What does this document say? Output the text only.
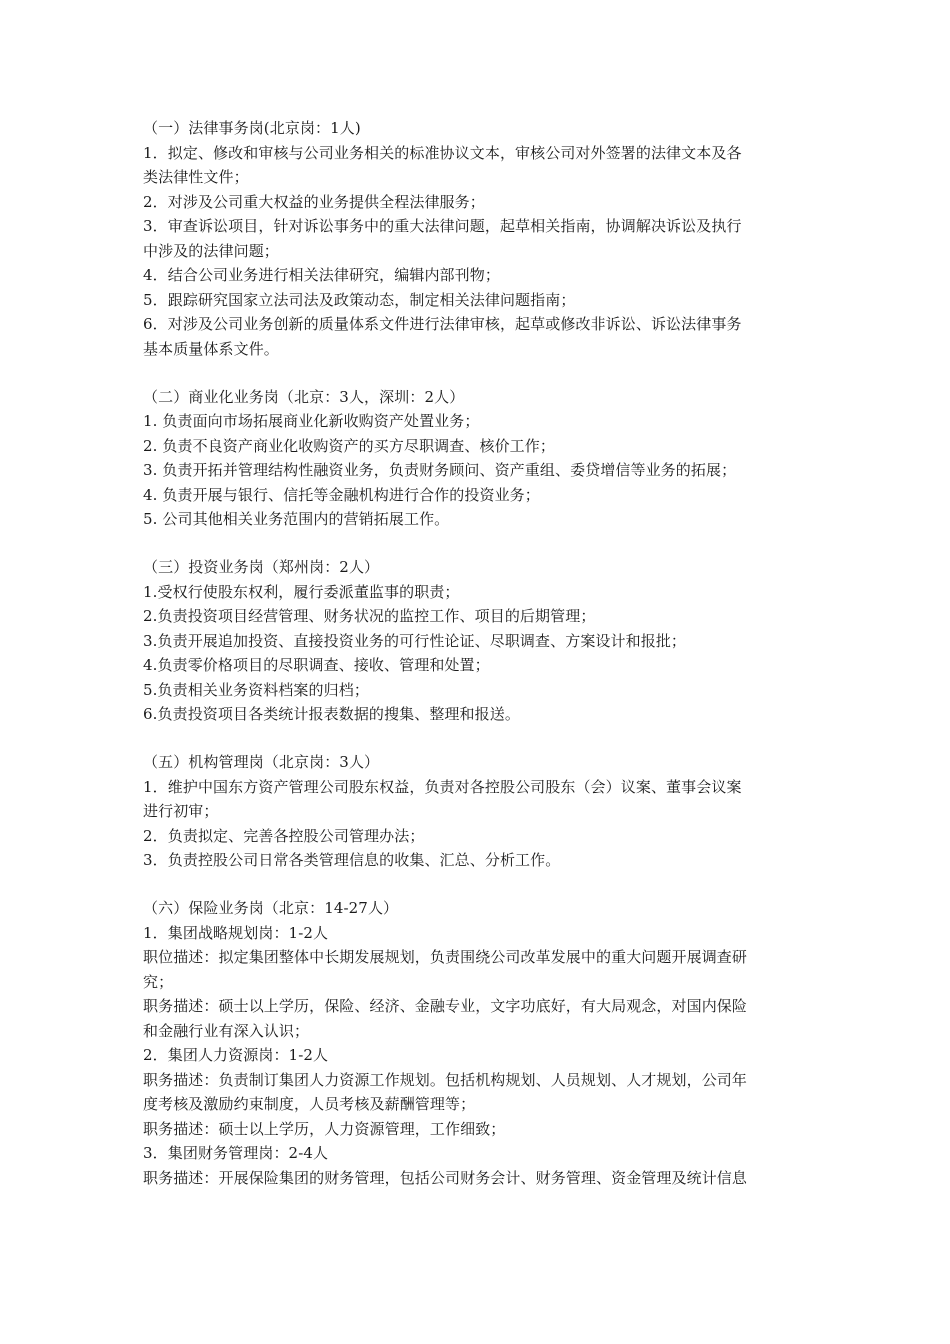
（一）法律事务岗(北京岗：1人)
1．拟定、修改和审核与公司业务相关的标准协议文本，审核公司对外签署的法律文本及各
类法律性文件；
2．对涉及公司重大权益的业务提供全程法律服务；
3．审查诉讼项目，针对诉讼事务中的重大法律问题，起草相关指南，协调解决诉讼及执行
中涉及的法律问题；
4．结合公司业务进行相关法律研究，编辑内部刊物；
5．跟踪研究国家立法司法及政策动态，制定相关法律问题指南；
6．对涉及公司业务创新的质量体系文件进行法律审核，起草或修改非诉讼、诉讼法律事务
基本质量体系文件。
（二）商业化业务岗（北京：3人，深圳：2人）
1. 负责面向市场拓展商业化新收购资产处置业务；
2. 负责不良资产商业化收购资产的买方尽职调查、核价工作；
3. 负责开拓并管理结构性融资业务，负责财务顾问、资产重组、委贷增信等业务的拓展；
4. 负责开展与银行、信托等金融机构进行合作的投资业务；
5. 公司其他相关业务范围内的营销拓展工作。
（三）投资业务岗（郑州岗：2人）
1.受权行使股东权利，履行委派董监事的职责；
2.负责投资项目经营管理、财务状况的监控工作、项目的后期管理；
3.负责开展追加投资、直接投资业务的可行性论证、尽职调查、方案设计和报批；
4.负责零价格项目的尽职调查、接收、管理和处置；
5.负责相关业务资料档案的归档；
6.负责投资项目各类统计报表数据的搜集、整理和报送。
（五）机构管理岗（北京岗：3人）
1．维护中国东方资产管理公司股东权益，负责对各控股公司股东（会）议案、董事会议案
进行初审；
2．负责拟定、完善各控股公司管理办法；
3．负责控股公司日常各类管理信息的收集、汇总、分析工作。
（六）保险业务岗（北京：14-27人）
1．集团战略规划岗：1-2人
职位描述：拟定集团整体中长期发展规划，负责围绕公司改革发展中的重大问题开展调查研
究；
职务描述：硕士以上学历，保险、经济、金融专业，文字功底好，有大局观念，对国内保险
和金融行业有深入认识；
2．集团人力资源岗：1-2人
职务描述：负责制订集团人力资源工作规划。包括机构规划、人员规划、人才规划，公司年
度考核及激励约束制度，人员考核及薪酬管理等；
职务描述：硕士以上学历，人力资源管理，工作细致；
3．集团财务管理岗：2-4人
职务描述：开展保险集团的财务管理，包括公司财务会计、财务管理、资金管理及统计信息
